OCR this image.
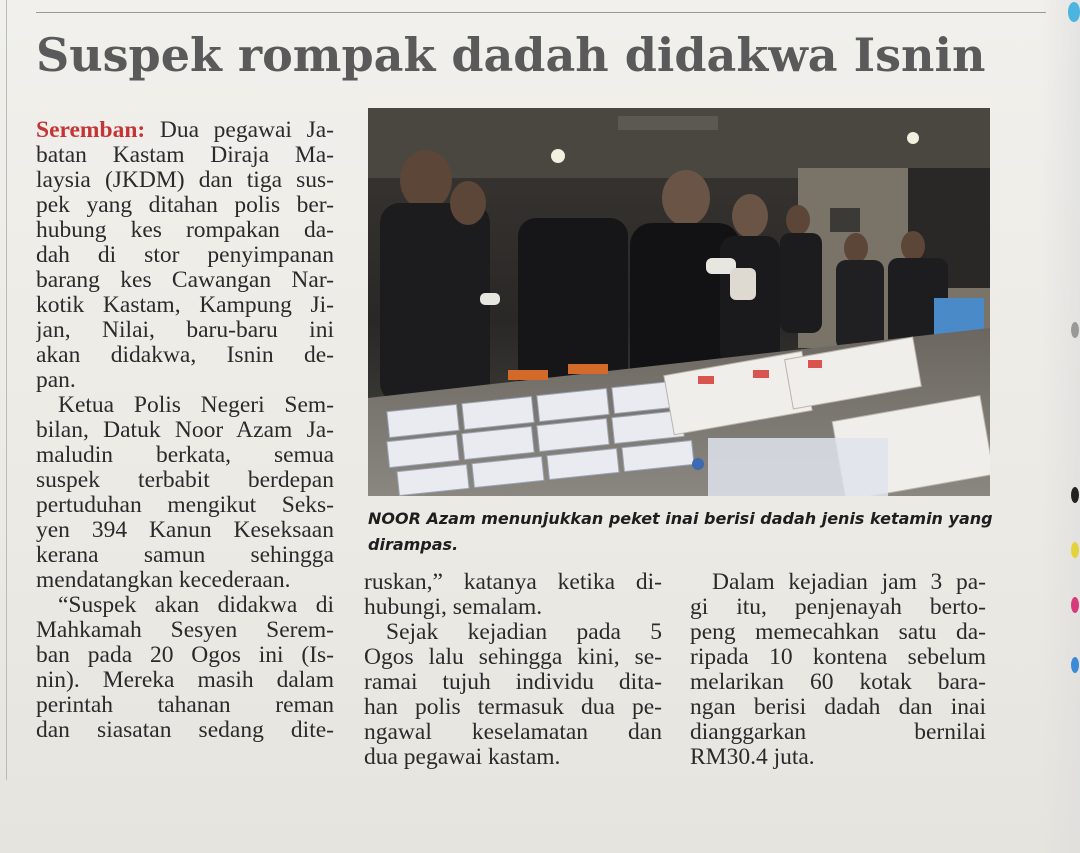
Suspek rompak dadah didakwa Isnin
Seremban: Dua pegawai Ja-
batan Kastam Diraja Ma-
laysia (JKDM) dan tiga sus-
pek yang ditahan polis ber-
hubung kes rompakan da-
dah di stor penyimpanan
barang kes Cawangan Nar-
kotik Kastam, Kampung Ji-
jan, Nilai, baru-baru ini
akan didakwa, Isnin de-
pan.
Ketua Polis Negeri Sem-
bilan, Datuk Noor Azam Ja-
maludin berkata, semua
suspek terbabit berdepan
pertuduhan mengikut Seks-
yen 394 Kanun Keseksaan
kerana samun sehingga
mendatangkan kecederaan.
“Suspek akan didakwa di
Mahkamah Sesyen Serem-
ban pada 20 Ogos ini (Is-
nin). Mereka masih dalam
perintah tahanan reman
dan siasatan sedang dite-
NOOR Azam menunjukkan peket inai berisi dadah jenis ketamin yang
dirampas.
ruskan,” katanya ketika di-
hubungi, semalam.
Sejak kejadian pada 5
Ogos lalu sehingga kini, se-
ramai tujuh individu dita-
han polis termasuk dua pe-
ngawal keselamatan dan
dua pegawai kastam.
Dalam kejadian jam 3 pa-
gi itu, penjenayah berto-
peng memecahkan satu da-
ripada 10 kontena sebelum
melarikan 60 kotak bara-
ngan berisi dadah dan inai
dianggarkan bernilai
RM30.4 juta.
